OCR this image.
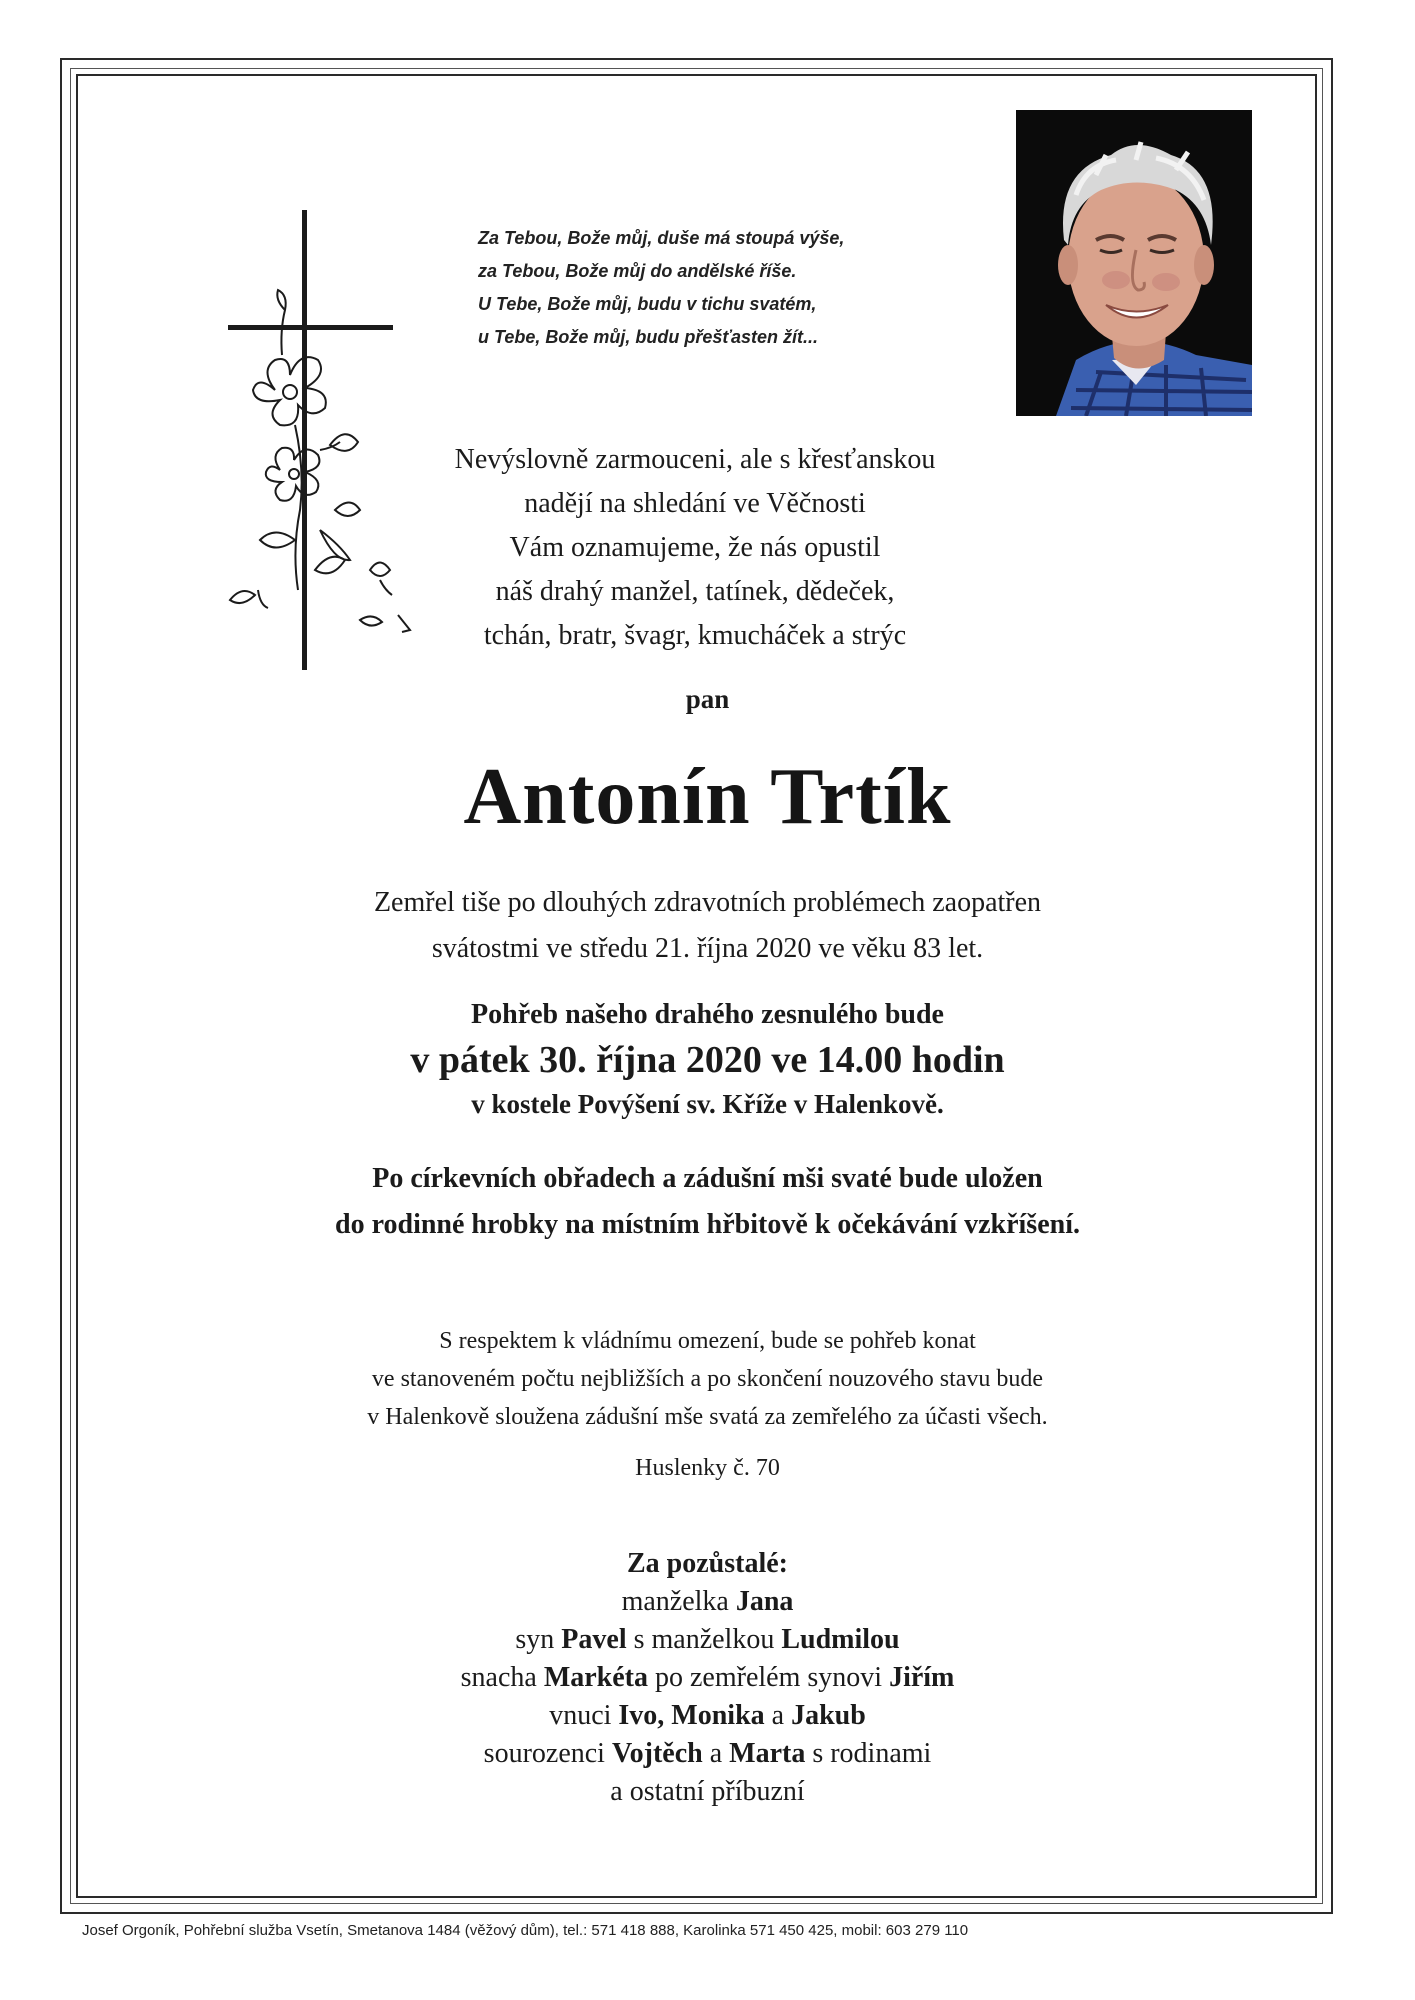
Za Tebou, Bože můj, duše má stoupá výše,
za Tebou, Bože můj do andělské říše.
U Tebe, Bože můj, budu v tichu svatém,
u Tebe, Bože můj, budu přešťasten žít...
Nevýslovně zarmouceni, ale s křesťanskou
nadějí na shledání ve Věčnosti
Vám oznamujeme, že nás opustil
náš drahý manžel, tatínek, dědeček,
tchán, bratr, švagr, kmucháček a strýc
pan
Antonín Trtík
Zemřel tiše po dlouhých zdravotních problémech zaopatřen
svátostmi ve středu 21. října 2020 ve věku 83 let.
Pohřeb našeho drahého zesnulého bude
v pátek 30. října 2020 ve 14.00 hodin
v kostele Povýšení sv. Kříže v Halenkově.
Po církevních obřadech a zádušní mši svaté bude uložen
do rodinné hrobky na místním hřbitově k očekávání vzkříšení.
S respektem k vládnímu omezení, bude se pohřeb konat
ve stanoveném počtu nejbližších a po skončení nouzového stavu bude
v Halenkově sloužena zádušní mše svatá za zemřelého za účasti všech.
Huslenky č. 70
Za pozůstalé:
manželka Jana
syn Pavel s manželkou Ludmilou
snacha Markéta po zemřelém synovi Jiřím
vnuci Ivo, Monika a Jakub
sourozenci Vojtěch a Marta s rodinami
a ostatní příbuzní
Josef Orgoník, Pohřební služba Vsetín, Smetanova 1484 (věžový dům), tel.: 571 418 888, Karolinka 571 450 425, mobil: 603 279 110
